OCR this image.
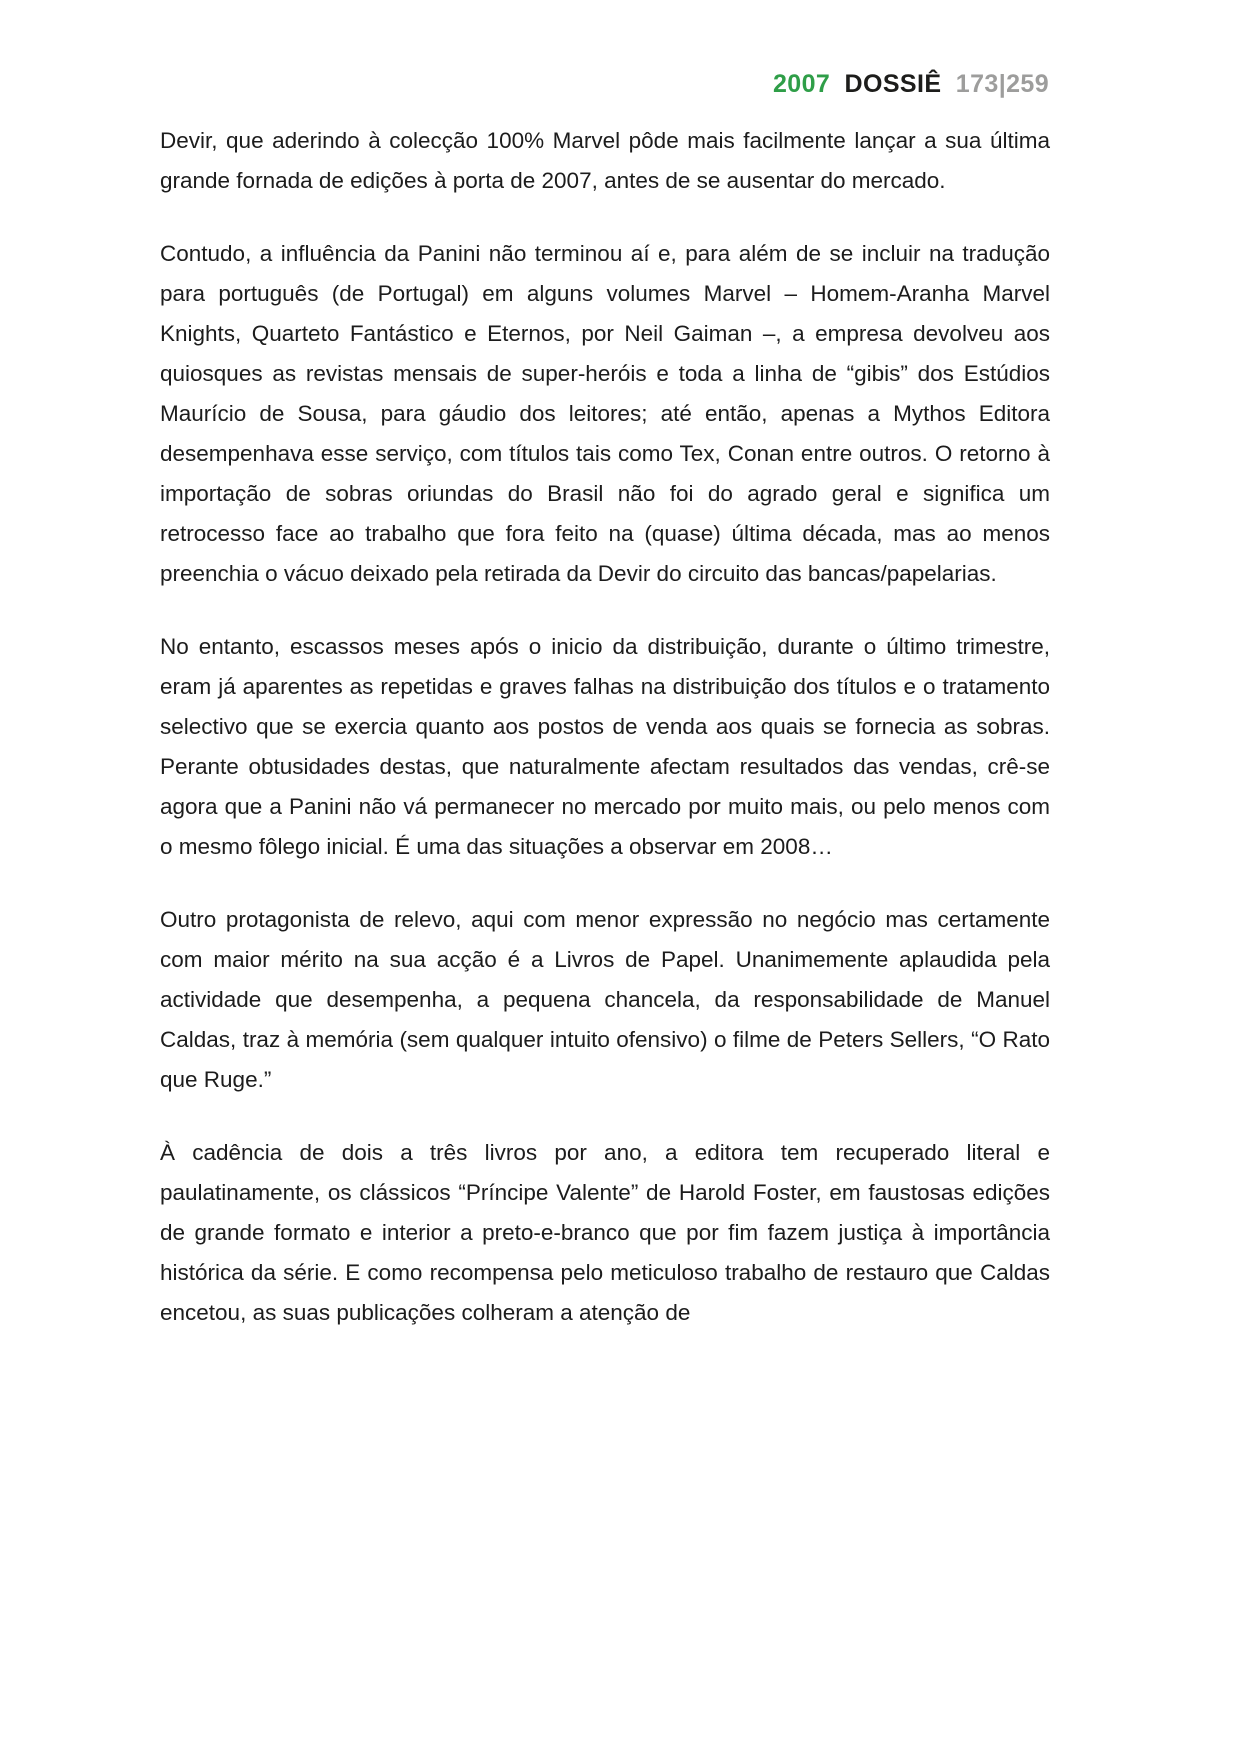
2007 DOSSIÊ 173|259

Devir, que aderindo à colecção 100% Marvel pôde mais facilmente lançar a sua última grande fornada de edições à porta de 2007, antes de se ausentar do mercado.

Contudo, a influência da Panini não terminou aí e, para além de se incluir na tradução para português (de Portugal) em alguns volumes Marvel – Homem-Aranha Marvel Knights, Quarteto Fantástico e Eternos, por Neil Gaiman –, a empresa devolveu aos quiosques as revistas mensais de super-heróis e toda a linha de “gibis” dos Estúdios Maurício de Sousa, para gáudio dos leitores; até então, apenas a Mythos Editora desempenhava esse serviço, com títulos tais como Tex, Conan entre outros. O retorno à importação de sobras oriundas do Brasil não foi do agrado geral e significa um retrocesso face ao trabalho que fora feito na (quase) última década, mas ao menos preenchia o vácuo deixado pela retirada da Devir do circuito das bancas/papelarias.

No entanto, escassos meses após o inicio da distribuição, durante o último trimestre, eram já aparentes as repetidas e graves falhas na distribuição dos títulos e o tratamento selectivo que se exercia quanto aos postos de venda aos quais se fornecia as sobras. Perante obtusidades destas, que naturalmente afectam resultados das vendas, crê-se agora que a Panini não vá permanecer no mercado por muito mais, ou pelo menos com o mesmo fôlego inicial. É uma das situações a observar em 2008…

Outro protagonista de relevo, aqui com menor expressão no negócio mas certamente com maior mérito na sua acção é a Livros de Papel. Unanimemente aplaudida pela actividade que desempenha, a pequena chancela, da responsabilidade de Manuel Caldas, traz à memória (sem qualquer intuito ofensivo) o filme de Peters Sellers, “O Rato que Ruge.”

À cadência de dois a três livros por ano, a editora tem recuperado literal e paulatinamente, os clássicos “Príncipe Valente” de Harold Foster, em faustosas edições de grande formato e interior a preto-e-branco que por fim fazem justiça à importância histórica da série. E como recompensa pelo meticuloso trabalho de restauro que Caldas encetou, as suas publicações colheram a atenção de
